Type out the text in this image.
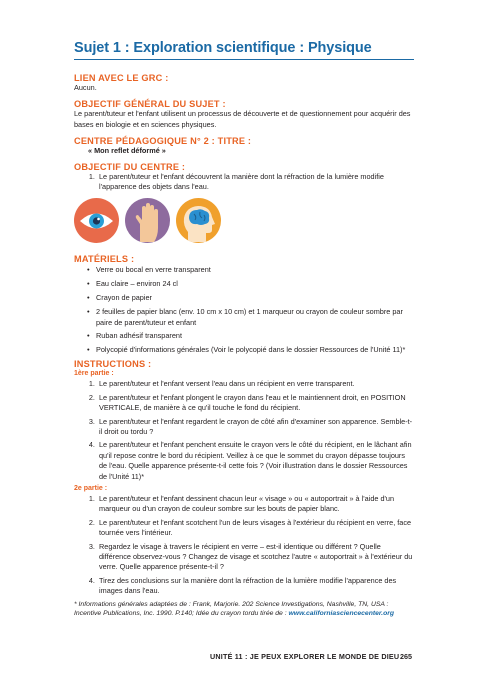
Sujet 1 : Exploration scientifique : Physique
LIEN AVEC LE GRC :

Aucun.

OBJECTIF GÉNÉRAL DU SUJET :

Le parent/tuteur et l'enfant utilisent un processus de découverte et de questionnement pour acquérir des bases en biologie et en sciences physiques.

CENTRE PÉDAGOGIQUE N° 2 : TITRE :

« Mon reflet déformé »

OBJECTIF DU CENTRE :
1. Le parent/tuteur et l'enfant découvrent la manière dont la réfraction de la lumière modifie l'apparence des objets dans l'eau.
MATÉRIELS :
• Verre ou bocal en verre transparent
• Eau claire – environ 24 cl
• Crayon de papier
• 2 feuilles de papier blanc (env. 10 cm x 10 cm) et 1 marqueur ou crayon de couleur sombre par paire de parent/tuteur et enfant
• Ruban adhésif transparent
• Polycopié d'informations générales (Voir le polycopié dans le dossier Ressources de l'Unité 11)*
INSTRUCTIONS :

1ère partie :

1. Le parent/tuteur et l'enfant versent l'eau dans un récipient en verre transparent.
2. Le parent/tuteur et l'enfant plongent le crayon dans l'eau et le maintiennent droit, en POSITION VERTICALE, de manière à ce qu'il touche le fond du récipient.
3. Le parent/tuteur et l'enfant regardent le crayon de côté afin d'examiner son apparence. Semble-t-il droit ou tordu ?
4. Le parent/tuteur et l'enfant penchent ensuite le crayon vers le côté du récipient, en le lâchant afin qu'il repose contre le bord du récipient. Veillez à ce que le sommet du crayon dépasse toujours de l'eau. Quelle apparence présente-t-il cette fois ? (Voir illustration dans le dossier Ressources de l'Unité 11)*

2e partie :

1. Le parent/tuteur et l'enfant dessinent chacun leur « visage » ou « autoportrait » à l'aide d'un marqueur ou d'un crayon de couleur sombre sur les bouts de papier blanc.
2. Le parent/tuteur et l'enfant scotchent l'un de leurs visages à l'extérieur du récipient en verre, face tournée vers l'intérieur.
3. Regardez le visage à travers le récipient en verre – est-il identique ou différent ? Quelle différence observez-vous ? Changez de visage et scotchez l'autre « autoportrait » à l'extérieur du verre. Quelle apparence présente-t-il ?
4. Tirez des conclusions sur la manière dont la réfraction de la lumière modifie l'apparence des images dans l'eau.

* Informations générales adaptées de : Frank, Marjorie. 202 Science Investigations, Nashville, TN, USA : Incentive Publications, Inc. 1990. P.140; Idée du crayon tordu tirée de : www.californiasciencecenter.org

UNITÉ 11 : JE PEUX EXPLORER LE MONDE DE DIEU 265
